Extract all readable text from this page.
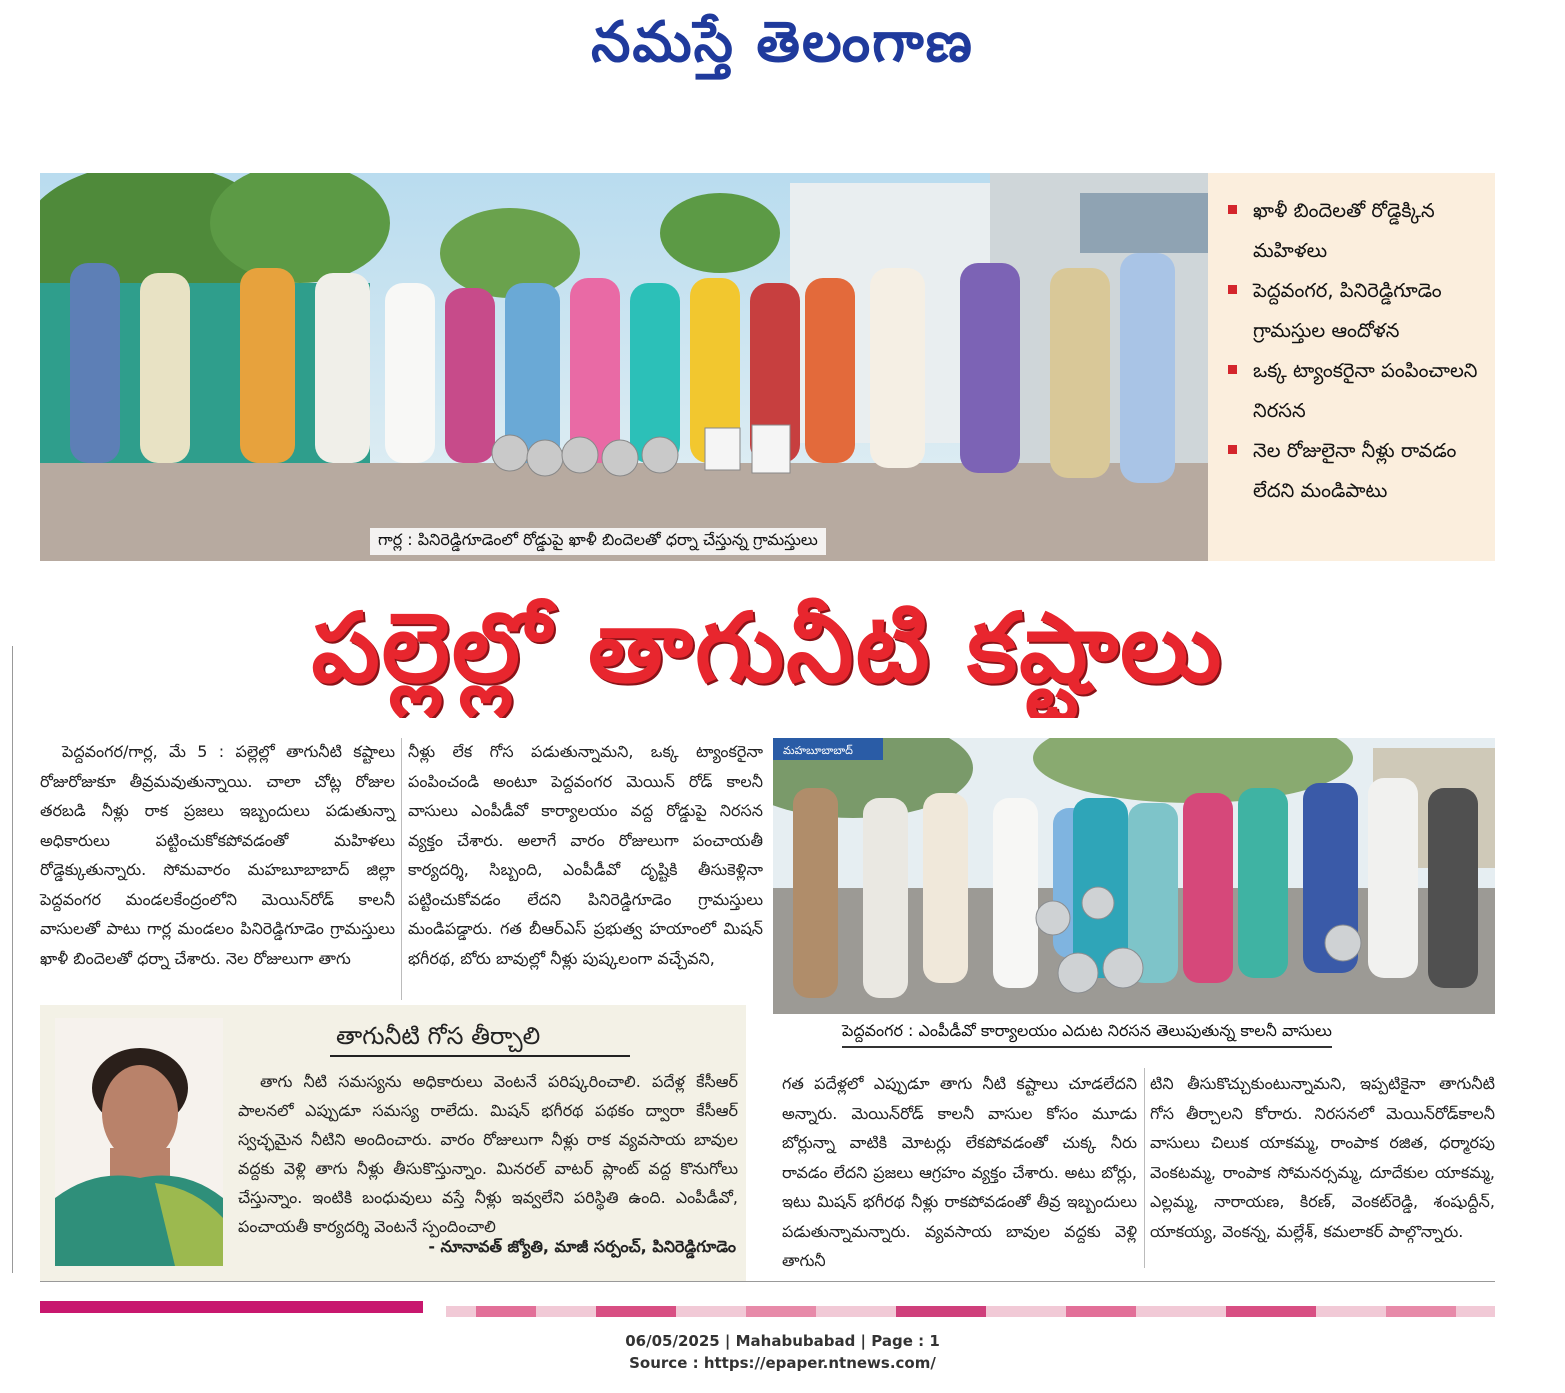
నమస్తే తెలంగాణ
గార్ల : పినిరెడ్డిగూడెంలో రోడ్డుపై ఖాళీ బిందెలతో ధర్నా చేస్తున్న గ్రామస్తులు
ఖాళీ బిందెలతో రోడ్డెక్కిన మహిళలు
పెద్దవంగర, పినిరెడ్డిగూడెం గ్రామస్తుల ఆందోళన
ఒక్క ట్యాంకరైనా పంపించాలని నిరసన
నెల రోజులైనా నీళ్లు రావడం లేదని మండిపాటు
పల్లెల్లో తాగునీటి కష్టాలు
పెద్దవంగర/గార్ల, మే 5 : పల్లెల్లో తాగునీటి కష్టాలు రోజురోజుకూ తీవ్రమవుతున్నాయి. చాలా చోట్ల రోజుల తరబడి నీళ్లు రాక ప్రజలు ఇబ్బందులు పడుతున్నా అధికారులు పట్టించుకోకపోవడంతో మహిళలు రోడ్డెక్కుతున్నారు. సోమవారం మహబూబాబాద్ జిల్లా పెద్దవంగర మండలకేంద్రంలోని మెయిన్‌రోడ్ కాలనీ వాసులతో పాటు గార్ల మండలం పినిరెడ్డిగూడెం గ్రామస్తులు ఖాళీ బిందెలతో ధర్నా చేశారు. నెల రోజులుగా తాగు
నీళ్లు లేక గోస పడుతున్నామని, ఒక్క ట్యాంకరైనా పంపించండి అంటూ పెద్దవంగర మెయిన్ రోడ్ కాలనీ వాసులు ఎంపీడీవో కార్యాలయం వద్ద రోడ్డుపై నిరసన వ్యక్తం చేశారు. అలాగే వారం రోజులుగా పంచాయతీ కార్యదర్శి, సిబ్బంది, ఎంపీడీవో దృష్టికి తీసుకెళ్లినా పట్టించుకోవడం లేదని పినిరెడ్డిగూడెం గ్రామస్తులు మండిపడ్డారు. గత బీఆర్ఎస్ ప్రభుత్వ హయాంలో మిషన్ భగీరథ, బోరు బావుల్లో నీళ్లు పుష్కలంగా వచ్చేవని,
మహబూబాబాద్
పెద్దవంగర : ఎంపీడీవో కార్యాలయం ఎదుట నిరసన తెలుపుతున్న కాలనీ వాసులు
తాగునీటి గోస తీర్చాలి
తాగు నీటి సమస్యను అధికారులు వెంటనే పరిష్కరించాలి. పదేళ్ల కేసీఆర్ పాలనలో ఎప్పుడూ సమస్య రాలేదు. మిషన్ భగీరథ పథకం ద్వారా కేసీఆర్ స్వచ్ఛమైన నీటిని అందించారు. వారం రోజులుగా నీళ్లు రాక వ్యవసాయ బావుల వద్దకు వెళ్లి తాగు నీళ్లు తీసుకొస్తున్నాం. మినరల్ వాటర్ ప్లాంట్ వద్ద కొనుగోలు చేస్తున్నాం. ఇంటికి బంధువులు వస్తే నీళ్లు ఇవ్వలేని పరిస్థితి ఉంది. ఎంపీడీవో, పంచాయతీ కార్యదర్శి వెంటనే స్పందించాలి
- నూనావత్ జ్యోతి, మాజీ సర్పంచ్, పినిరెడ్డిగూడెం
గత పదేళ్లలో ఎప్పుడూ తాగు నీటి కష్టాలు చూడలేదని అన్నారు. మెయిన్‌రోడ్ కాలనీ వాసుల కోసం మూడు బోర్లున్నా వాటికి మోటర్లు లేకపోవడంతో చుక్క నీరు రావడం లేదని ప్రజలు ఆగ్రహం వ్యక్తం చేశారు. అటు బోర్లు, ఇటు మిషన్ భగీరథ నీళ్లు రాకపోవడంతో తీవ్ర ఇబ్బందులు పడుతున్నామన్నారు. వ్యవసాయ బావుల వద్దకు వెళ్లి తాగునీ
టిని తీసుకొచ్చుకుంటున్నామని, ఇప్పటికైనా తాగునీటి గోస తీర్చాలని కోరారు. నిరసనలో మెయిన్‌రోడ్‌కాలనీ వాసులు చిలుక యాకమ్మ, రాంపాక రజిత, ధర్మారపు వెంకటమ్మ, రాంపాక సోమనర్సమ్మ, దూదేకుల యాకమ్మ, ఎల్లమ్మ, నారాయణ, కిరణ్, వెంకట్‌రెడ్డి, శంషుద్దీన్, యాకయ్య, వెంకన్న, మల్లేశ్, కమలాకర్ పాల్గొన్నారు.
06/05/2025 | Mahabubabad | Page : 1
Source : https://epaper.ntnews.com/
